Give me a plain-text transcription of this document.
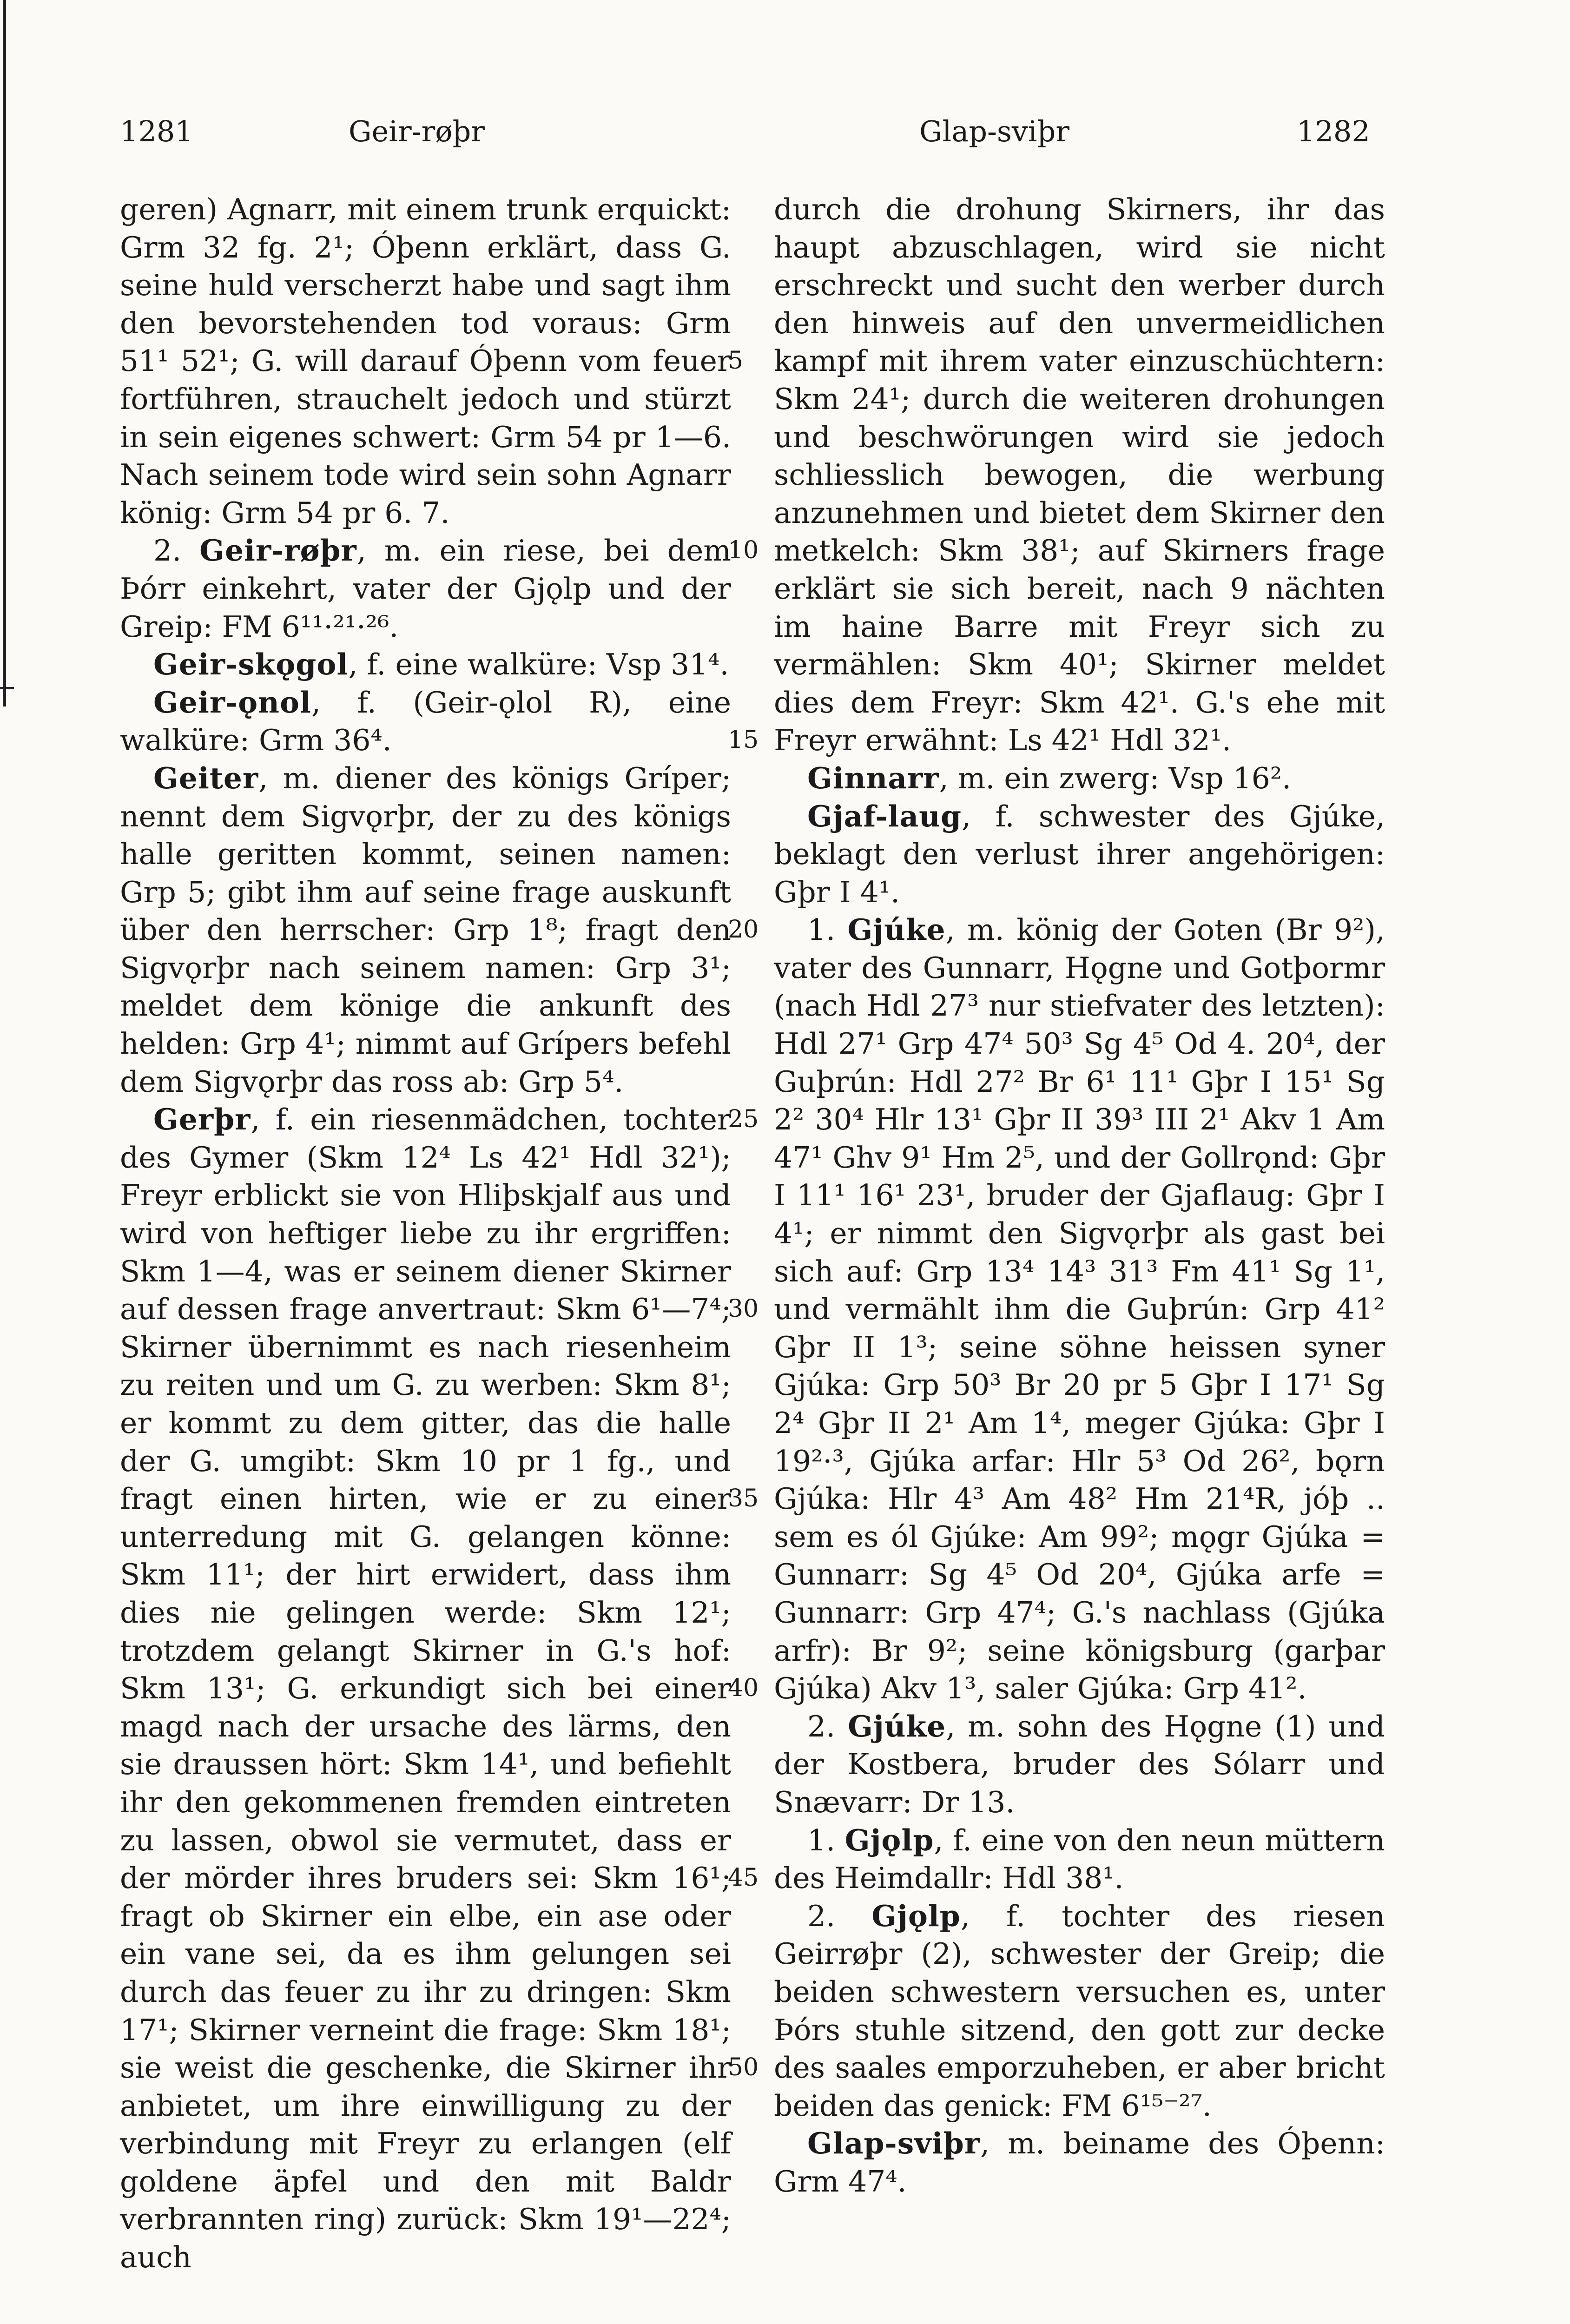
1281	Geir-røþr	Glap-sviþr	1282

geren) Agnarr, mit einem trunk erquickt: Grm 32 fg. 2¹; Óþenn erklärt, dass G. seine huld verscherzt habe und sagt ihm den bevorstehenden tod voraus: Grm 51¹ 52¹; G. will darauf Óþenn vom feuer fortführen, strauchelt jedoch und stürzt in sein eigenes schwert: Grm 54 pr 1—6. Nach seinem tode wird sein sohn Agnarr könig: Grm 54 pr 6. 7.

2. Geir-røþr, m. ein riese, bei dem Þórr einkehrt, vater der Gjǫlp und der Greip: FM 6¹¹·²¹·²⁶.

Geir-skǫgol, f. eine walküre: Vsp 31⁴.

Geir-ǫnol, f. (Geir-ǫlol R), eine walküre: Grm 36⁴.

Geiter, m. diener des königs Gríper; nennt dem Sigvǫrþr, der zu des königs halle geritten kommt, seinen namen: Grp 5; gibt ihm auf seine frage auskunft über den herrscher: Grp 1⁸; fragt den Sigvǫrþr nach seinem namen: Grp 3¹; meldet dem könige die ankunft des helden: Grp 4¹; nimmt auf Grípers befehl dem Sigvǫrþr das ross ab: Grp 5⁴.

Gerþr, f. ein riesenmädchen, tochter des Gymer (Skm 12⁴ Ls 42¹ Hdl 32¹); Freyr erblickt sie von Hliþskjalf aus und wird von heftiger liebe zu ihr ergriffen: Skm 1—4, was er seinem diener Skirner auf dessen frage anvertraut: Skm 6¹—7⁴; Skirner übernimmt es nach riesenheim zu reiten und um G. zu werben: Skm 8¹; er kommt zu dem gitter, das die halle der G. umgibt: Skm 10 pr 1 fg., und fragt einen hirten, wie er zu einer unterredung mit G. gelangen könne: Skm 11¹; der hirt erwidert, dass ihm dies nie gelingen werde: Skm 12¹; trotzdem gelangt Skirner in G.'s hof: Skm 13¹; G. erkundigt sich bei einer magd nach der ursache des lärms, den sie draussen hört: Skm 14¹, und befiehlt ihr den gekommenen fremden eintreten zu lassen, obwol sie vermutet, dass er der mörder ihres bruders sei: Skm 16¹; fragt ob Skirner ein elbe, ein ase oder ein vane sei, da es ihm gelungen sei durch das feuer zu ihr zu dringen: Skm 17¹; Skirner verneint die frage: Skm 18¹; sie weist die geschenke, die Skirner ihr anbietet, um ihre einwilligung zu der verbindung mit Freyr zu erlangen (elf goldene äpfel und den mit Baldr verbrannten ring) zurück: Skm 19¹—22⁴; auch

5
10
15
20
25
30
35
40
45
50

durch die drohung Skirners, ihr das haupt abzuschlagen, wird sie nicht erschreckt und sucht den werber durch den hinweis auf den unvermeidlichen kampf mit ihrem vater einzuschüchtern: Skm 24¹; durch die weiteren drohungen und beschwörungen wird sie jedoch schliesslich bewogen, die werbung anzunehmen und bietet dem Skirner den metkelch: Skm 38¹; auf Skirners frage erklärt sie sich bereit, nach 9 nächten im haine Barre mit Freyr sich zu vermählen: Skm 40¹; Skirner meldet dies dem Freyr: Skm 42¹. G.'s ehe mit Freyr erwähnt: Ls 42¹ Hdl 32¹.

Ginnarr, m. ein zwerg: Vsp 16².

Gjaf-laug, f. schwester des Gjúke, beklagt den verlust ihrer angehörigen: Gþr I 4¹.

1. Gjúke, m. könig der Goten (Br 9²), vater des Gunnarr, Hǫgne und Gotþormr (nach Hdl 27³ nur stiefvater des letzten): Hdl 27¹ Grp 47⁴ 50³ Sg 4⁵ Od 4. 20⁴, der Guþrún: Hdl 27² Br 6¹ 11¹ Gþr I 15¹ Sg 2² 30⁴ Hlr 13¹ Gþr II 39³ III 2¹ Akv 1 Am 47¹ Ghv 9¹ Hm 2⁵, und der Gollrǫnd: Gþr I 11¹ 16¹ 23¹, bruder der Gjaflaug: Gþr I 4¹; er nimmt den Sigvǫrþr als gast bei sich auf: Grp 13⁴ 14³ 31³ Fm 41¹ Sg 1¹, und vermählt ihm die Guþrún: Grp 41² Gþr II 1³; seine söhne heissen syner Gjúka: Grp 50³ Br 20 pr 5 Gþr I 17¹ Sg 2⁴ Gþr II 2¹ Am 1⁴, meger Gjúka: Gþr I 19²·³, Gjúka arfar: Hlr 5³ Od 26², bǫrn Gjúka: Hlr 4³ Am 48² Hm 21⁴R, jóþ .. sem es ól Gjúke: Am 99²; mǫgr Gjúka = Gunnarr: Sg 4⁵ Od 20⁴, Gjúka arfe = Gunnarr: Grp 47⁴; G.'s nachlass (Gjúka arfr): Br 9²; seine königsburg (garþar Gjúka) Akv 1³, saler Gjúka: Grp 41².

2. Gjúke, m. sohn des Hǫgne (1) und der Kostbera, bruder des Sólarr und Snævarr: Dr 13.

1. Gjǫlp, f. eine von den neun müttern des Heimdallr: Hdl 38¹.

2. Gjǫlp, f. tochter des riesen Geirrøþr (2), schwester der Greip; die beiden schwestern versuchen es, unter Þórs stuhle sitzend, den gott zur decke des saales emporzuheben, er aber bricht beiden das genick: FM 6¹⁵⁻²⁷.

Glap-sviþr, m. beiname des Óþenn: Grm 47⁴.
